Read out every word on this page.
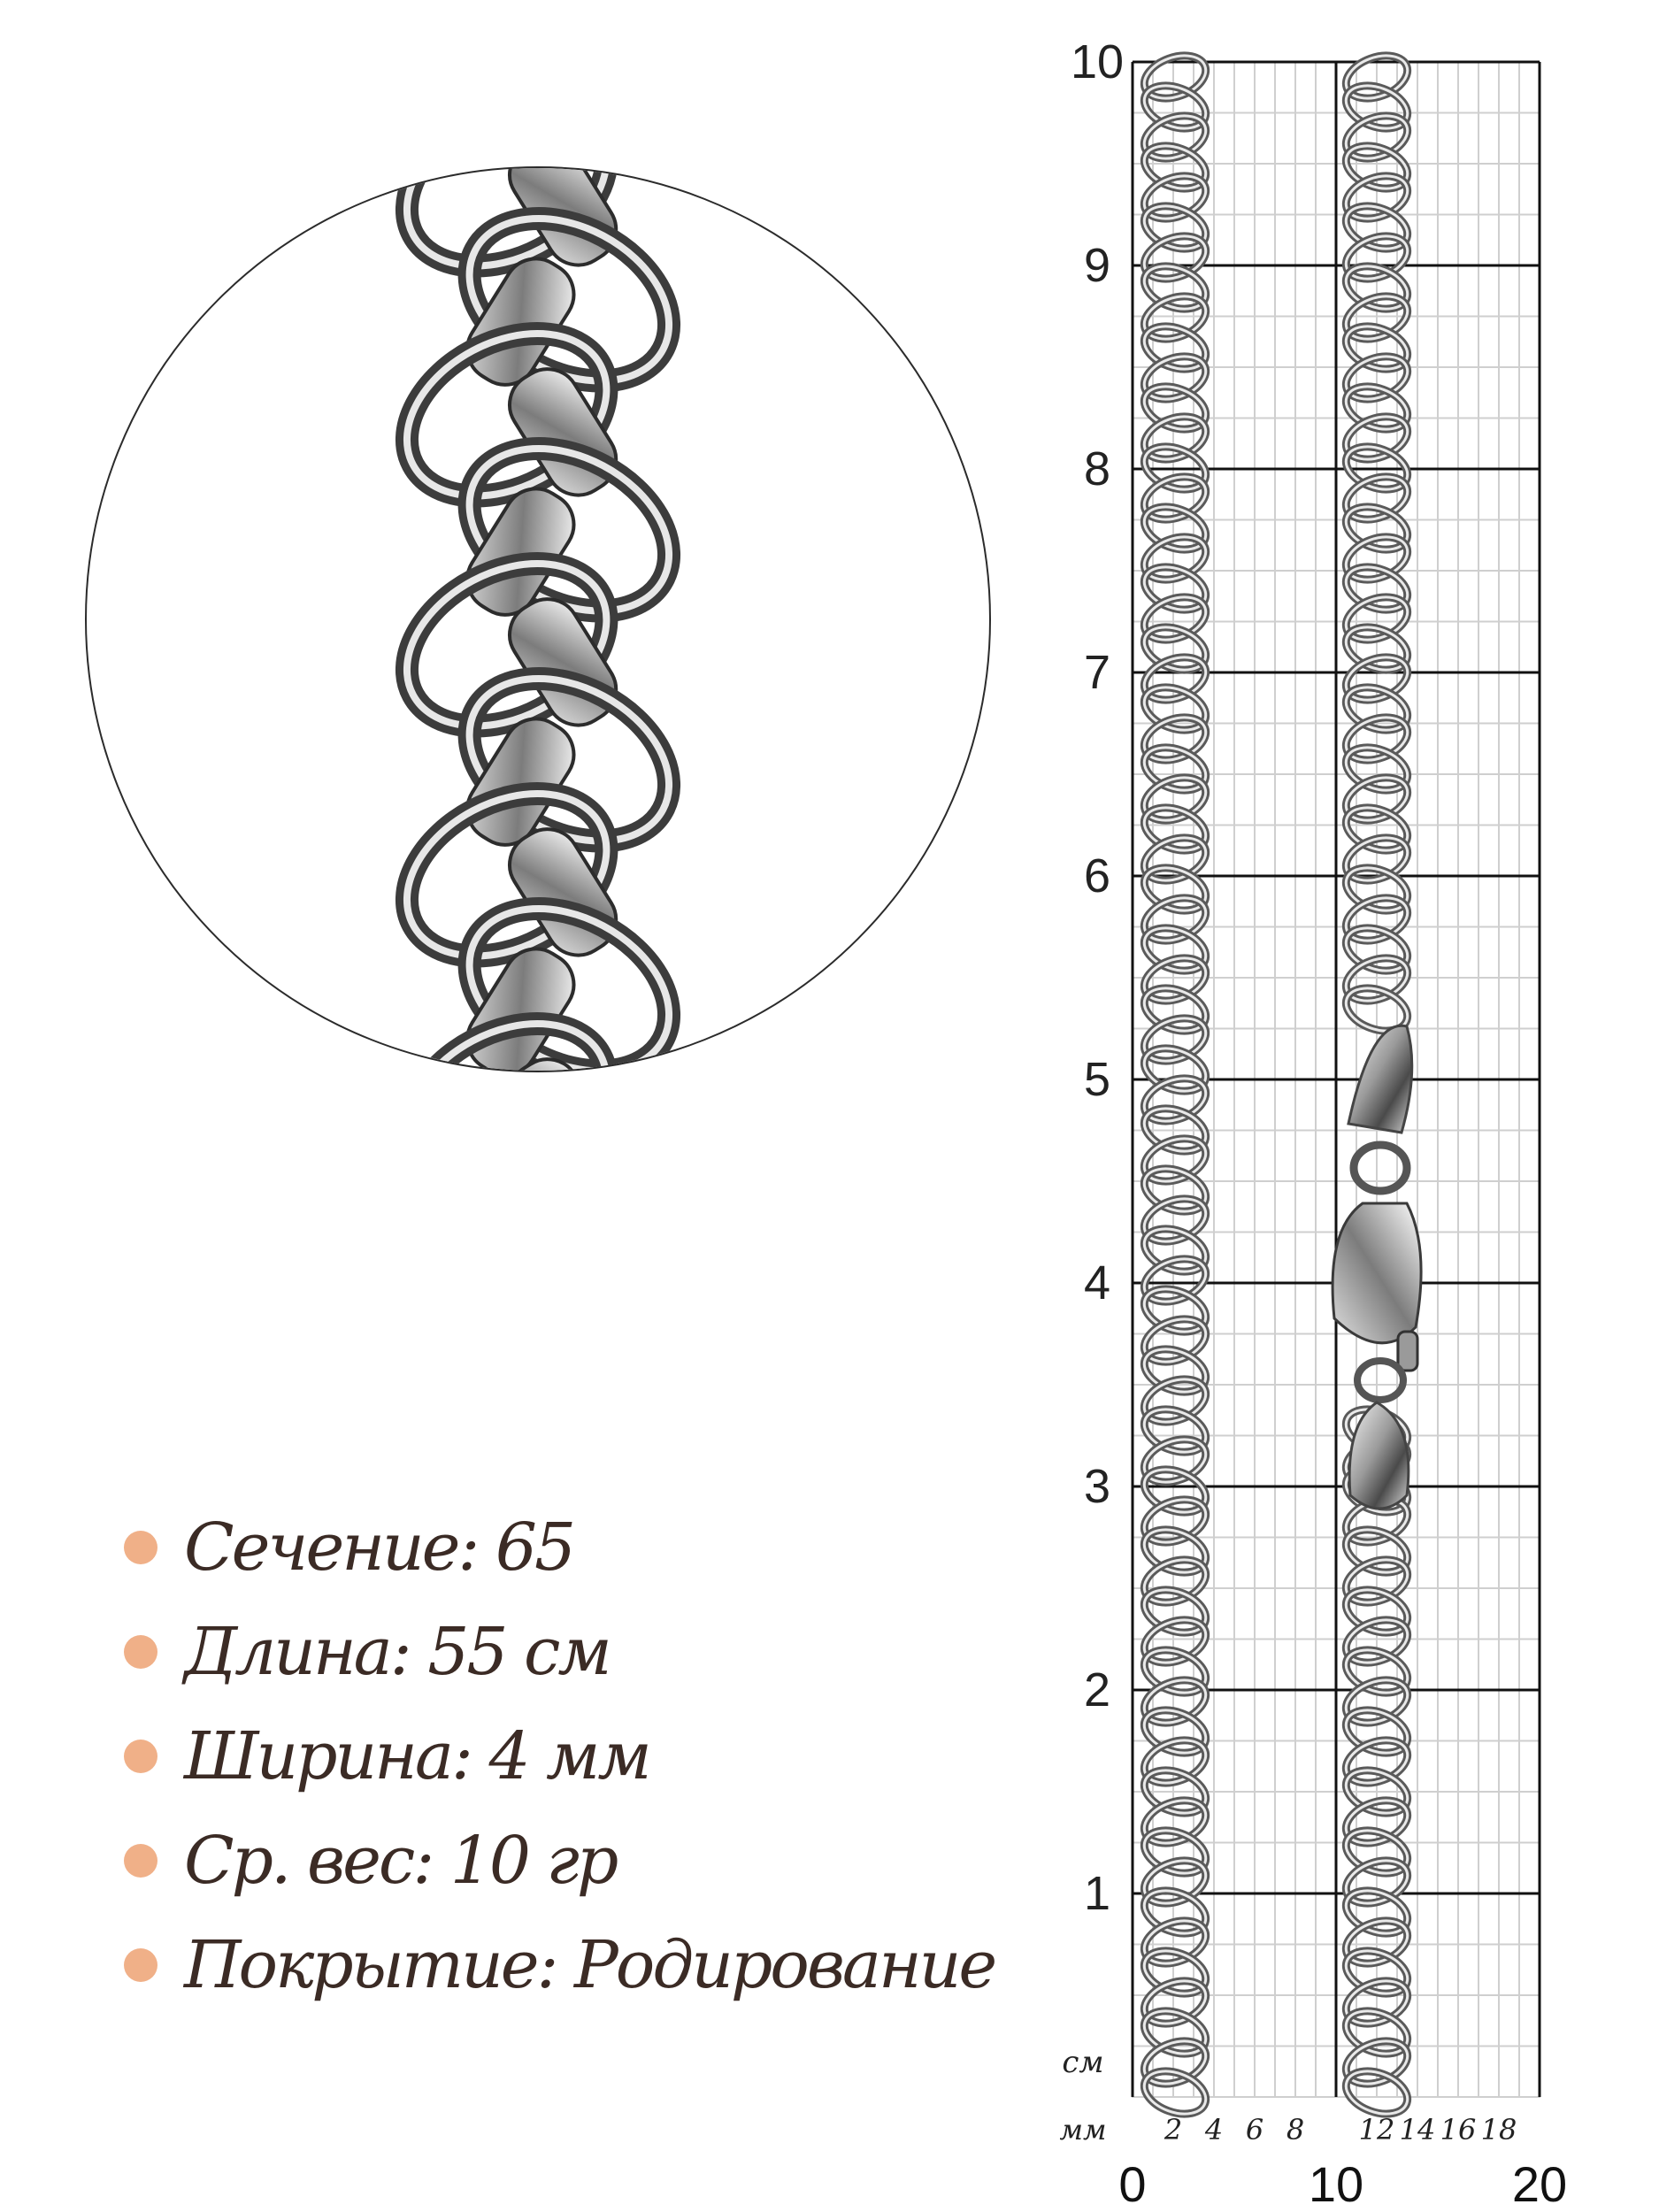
Сечение: 65
Длина: 55 см
Ширина: 4 мм
Ср. вес: 10 гр
Покрытие: Родирование
1
2
3
4
5
6
7
8
9
10
см
мм 2 4 6 8 12 14 16 18
0	10	20
